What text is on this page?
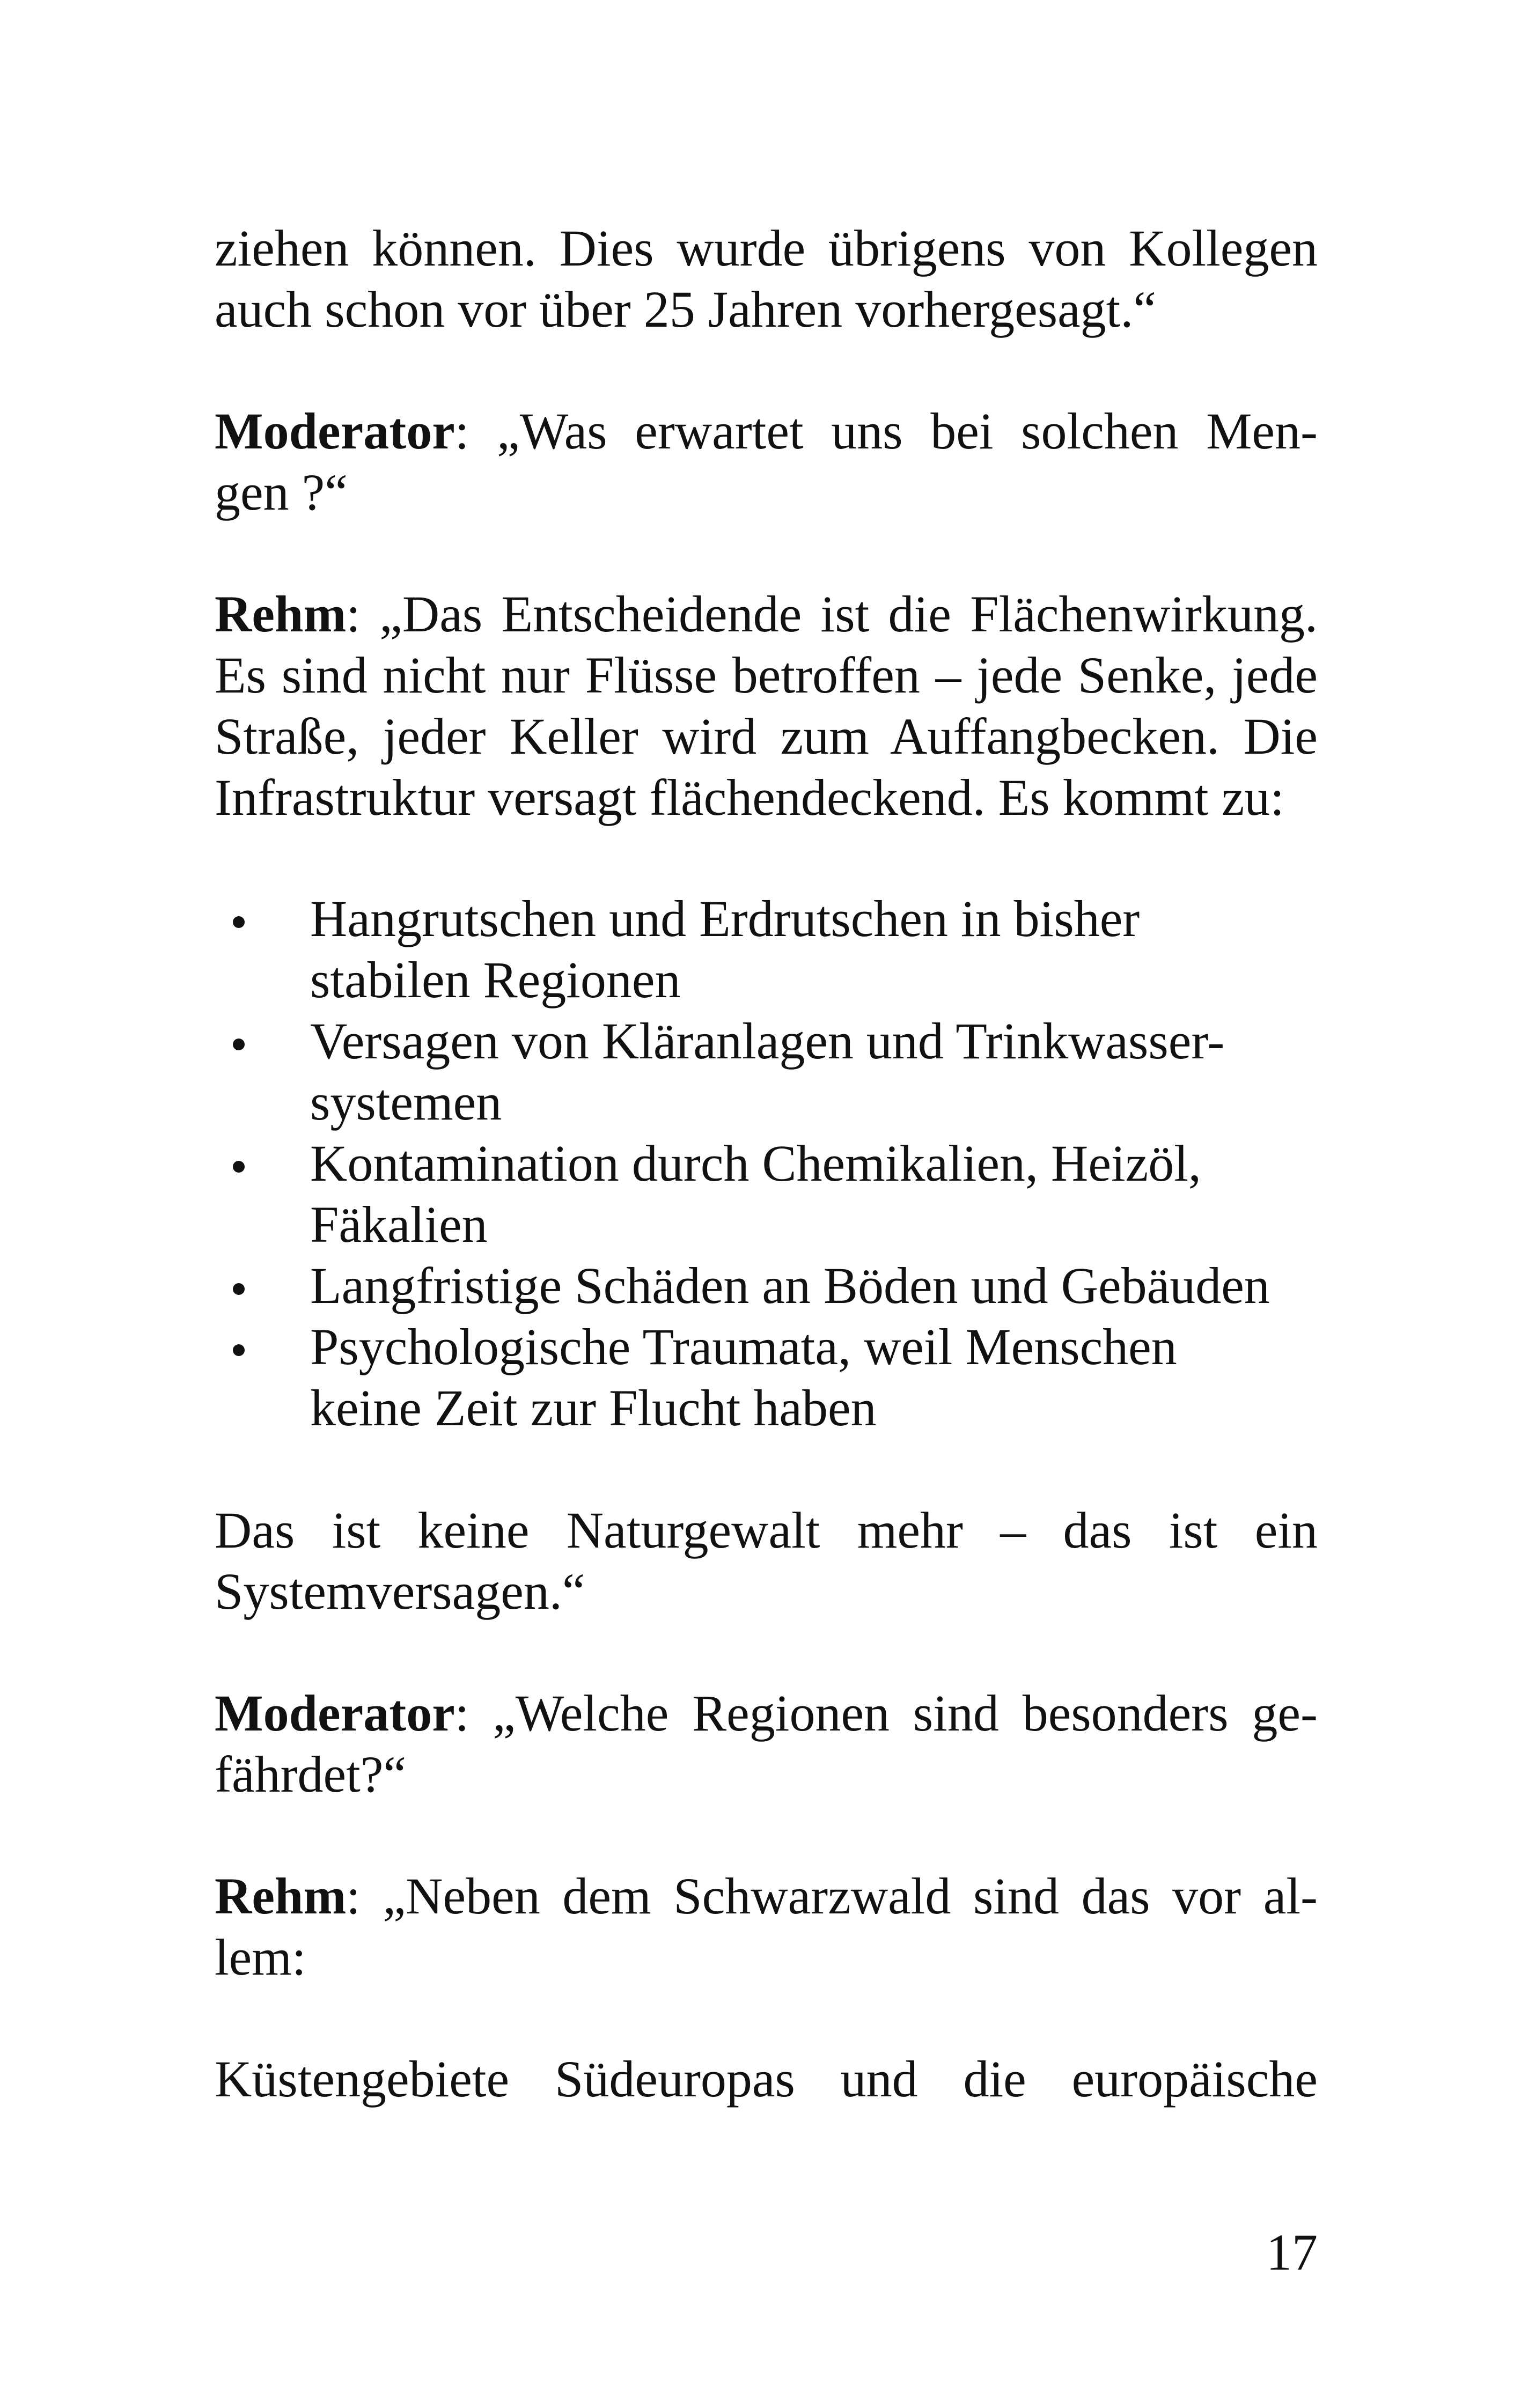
ziehen können. Dies wurde übrigens von Kollegen
auch schon vor über 25 Jahren vorhergesagt.“
Moderator: „Was erwartet uns bei solchen Men-
gen ?“
Rehm: „Das Entscheidende ist die Flächenwirkung.
Es sind nicht nur Flüsse betroffen – jede Senke, jede
Straße, jeder Keller wird zum Auffangbecken. Die
Infrastruktur versagt flächendeckend. Es kommt zu:
Hangrutschen und Erdrutschen in bisher
stabilen Regionen
Versagen von Kläranlagen und Trinkwasser-
systemen
Kontamination durch Chemikalien, Heizöl,
Fäkalien
Langfristige Schäden an Böden und Gebäuden
Psychologische Traumata, weil Menschen
keine Zeit zur Flucht haben
Das ist keine Naturgewalt mehr – das ist ein
Systemversagen.“
Moderator: „Welche Regionen sind besonders ge-
fährdet?“
Rehm: „Neben dem Schwarzwald sind das vor al-
lem:
Küstengebiete Südeuropas und die europäische
17
